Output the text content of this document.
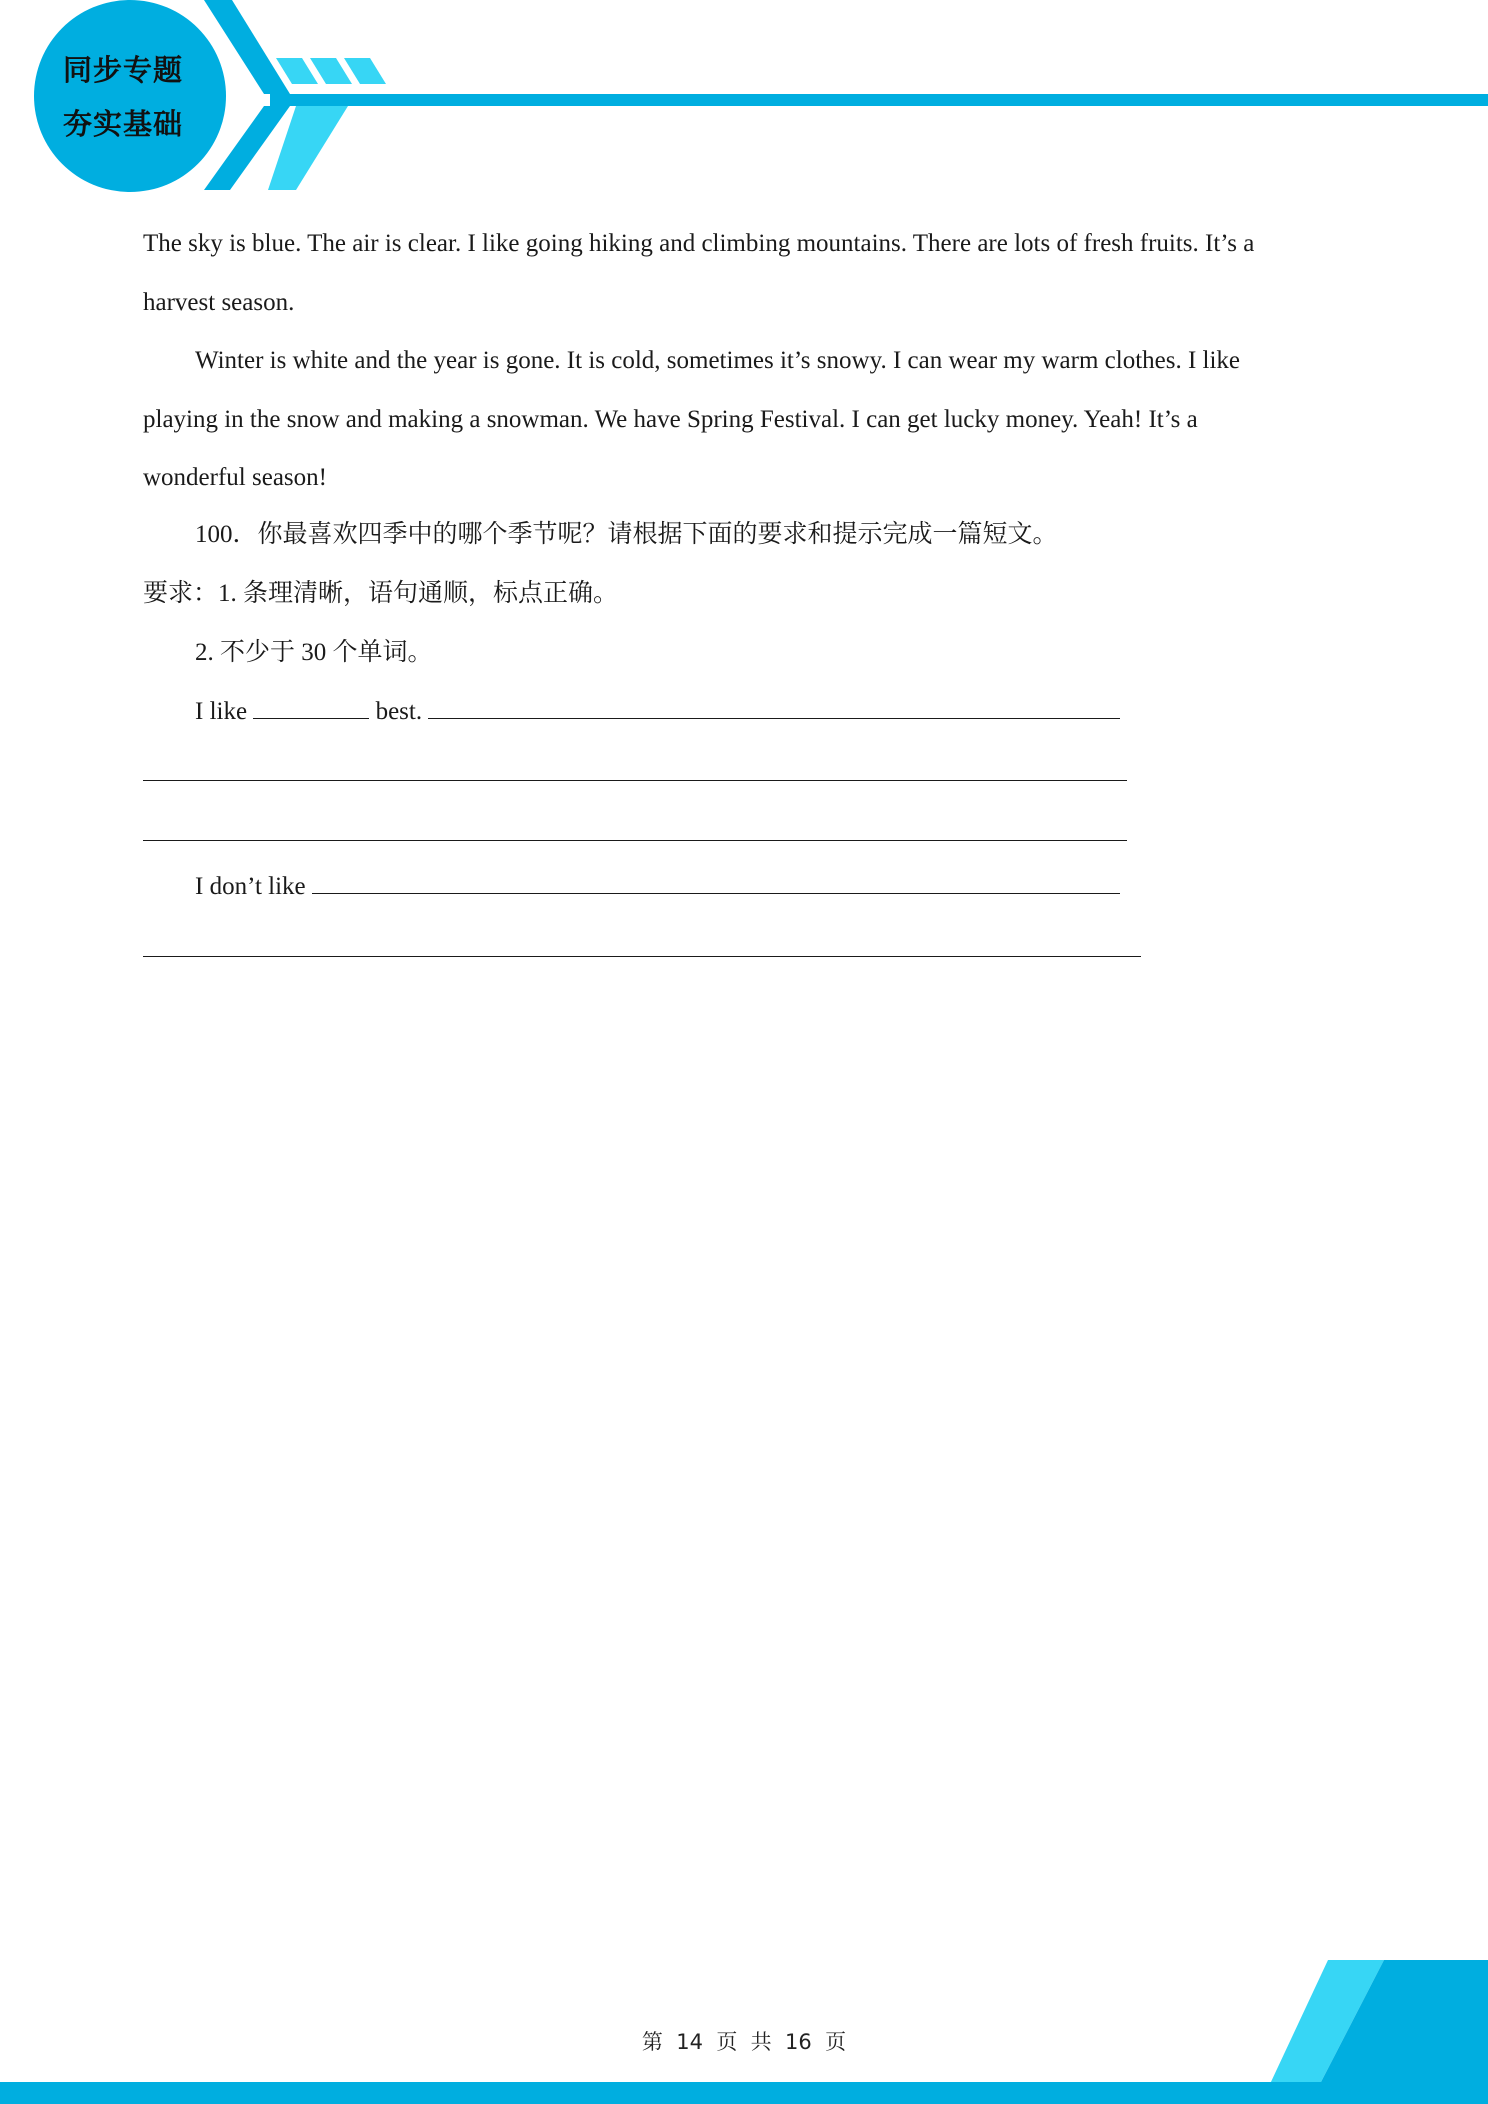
同步专题
夯实基础
The sky is blue. The air is clear. I like going hiking and climbing mountains. There are lots of fresh fruits. It’s a
harvest season.
Winter is white and the year is gone. It is cold, sometimes it’s snowy. I can wear my warm clothes. I like
playing in the snow and making a snowman. We have Spring Festival. I can get lucky money. Yeah! It’s a
wonderful season!
100．你最喜欢四季中的哪个季节呢？请根据下面的要求和提示完成一篇短文。
要求：1. 条理清晰，语句通顺，标点正确。
2. 不少于 30 个单词。
I like	best.
I don’t like
第  14  页  共  16  页
